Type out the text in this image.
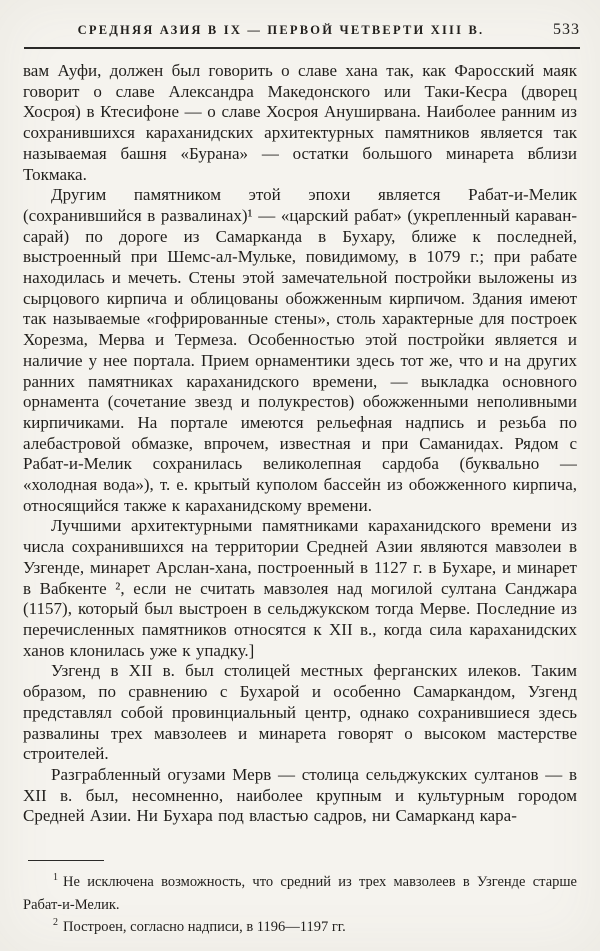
СРЕДНЯЯ АЗИЯ В IX — ПЕРВОЙ ЧЕТВЕРТИ XIII В.	533

вам Ауфи, должен был говорить о славе хана так, как Фаросский маяк говорит о славе Александра Македонского или Таки-Кесра (дворец Хосроя) в Ктесифоне — о славе Хосроя Ануширвана. Наиболее ранним из сохранившихся караханидских архитектурных памятников является так называемая башня «Бурана» — остатки большого минарета вблизи Токмака.

Другим памятником этой эпохи является Рабат-и-Мелик (сохранившийся в развалинах)¹ — «царский рабат» (укрепленный караван-сарай) по дороге из Самарканда в Бухару, ближе к последней, выстроенный при Шемс-ал-Мульке, повидимому, в 1079 г.; при рабате находилась и мечеть. Стены этой замечательной постройки выложены из сырцового кирпича и облицованы обожженным кирпичом. Здания имеют так называемые «гофрированные стены», столь характерные для построек Хорезма, Мерва и Термеза. Особенностью этой постройки является и наличие у нее портала. Прием орнаментики здесь тот же, что и на других ранних памятниках караханидского времени, — выкладка основного орнамента (сочетание звезд и полукрестов) обожженными неполивными кирпичиками. На портале имеются рельефная надпись и резьба по алебастровой обмазке, впрочем, известная и при Саманидах. Рядом с Рабат-и-Мелик сохранилась великолепная сардоба (буквально — «холодная вода»), т. е. крытый куполом бассейн из обожженного кирпича, относящийся также к караханидскому времени.

Лучшими архитектурными памятниками караханидского времени из числа сохранившихся на территории Средней Азии являются мавзолеи в Узгенде, минарет Арслан-хана, построенный в 1127 г. в Бухаре, и минарет в Вабкенте ², если не считать мавзолея над могилой султана Санджара (1157), который был выстроен в сельджукском тогда Мерве. Последние из перечисленных памятников относятся к XII в., когда сила караханидских ханов клонилась уже к упадку.]

Узгенд в XII в. был столицей местных ферганских илеков. Таким образом, по сравнению с Бухарой и особенно Самаркандом, Узгенд представлял собой провинциальный центр, однако сохранившиеся здесь развалины трех мавзолеев и минарета говорят о высоком мастерстве строителей.

Разграбленный огузами Мерв — столица сельджукских султанов — в XII в. был, несомненно, наиболее крупным и культурным городом Средней Азии. Ни Бухара под властью садров, ни Самарканд кара-

$^1$ Не исключена возможность, что средний из трех мавзолеев в Узгенде старше Рабат-и-Мелик.

$^2$ Построен, согласно надписи, в 1196—1197 гг.
